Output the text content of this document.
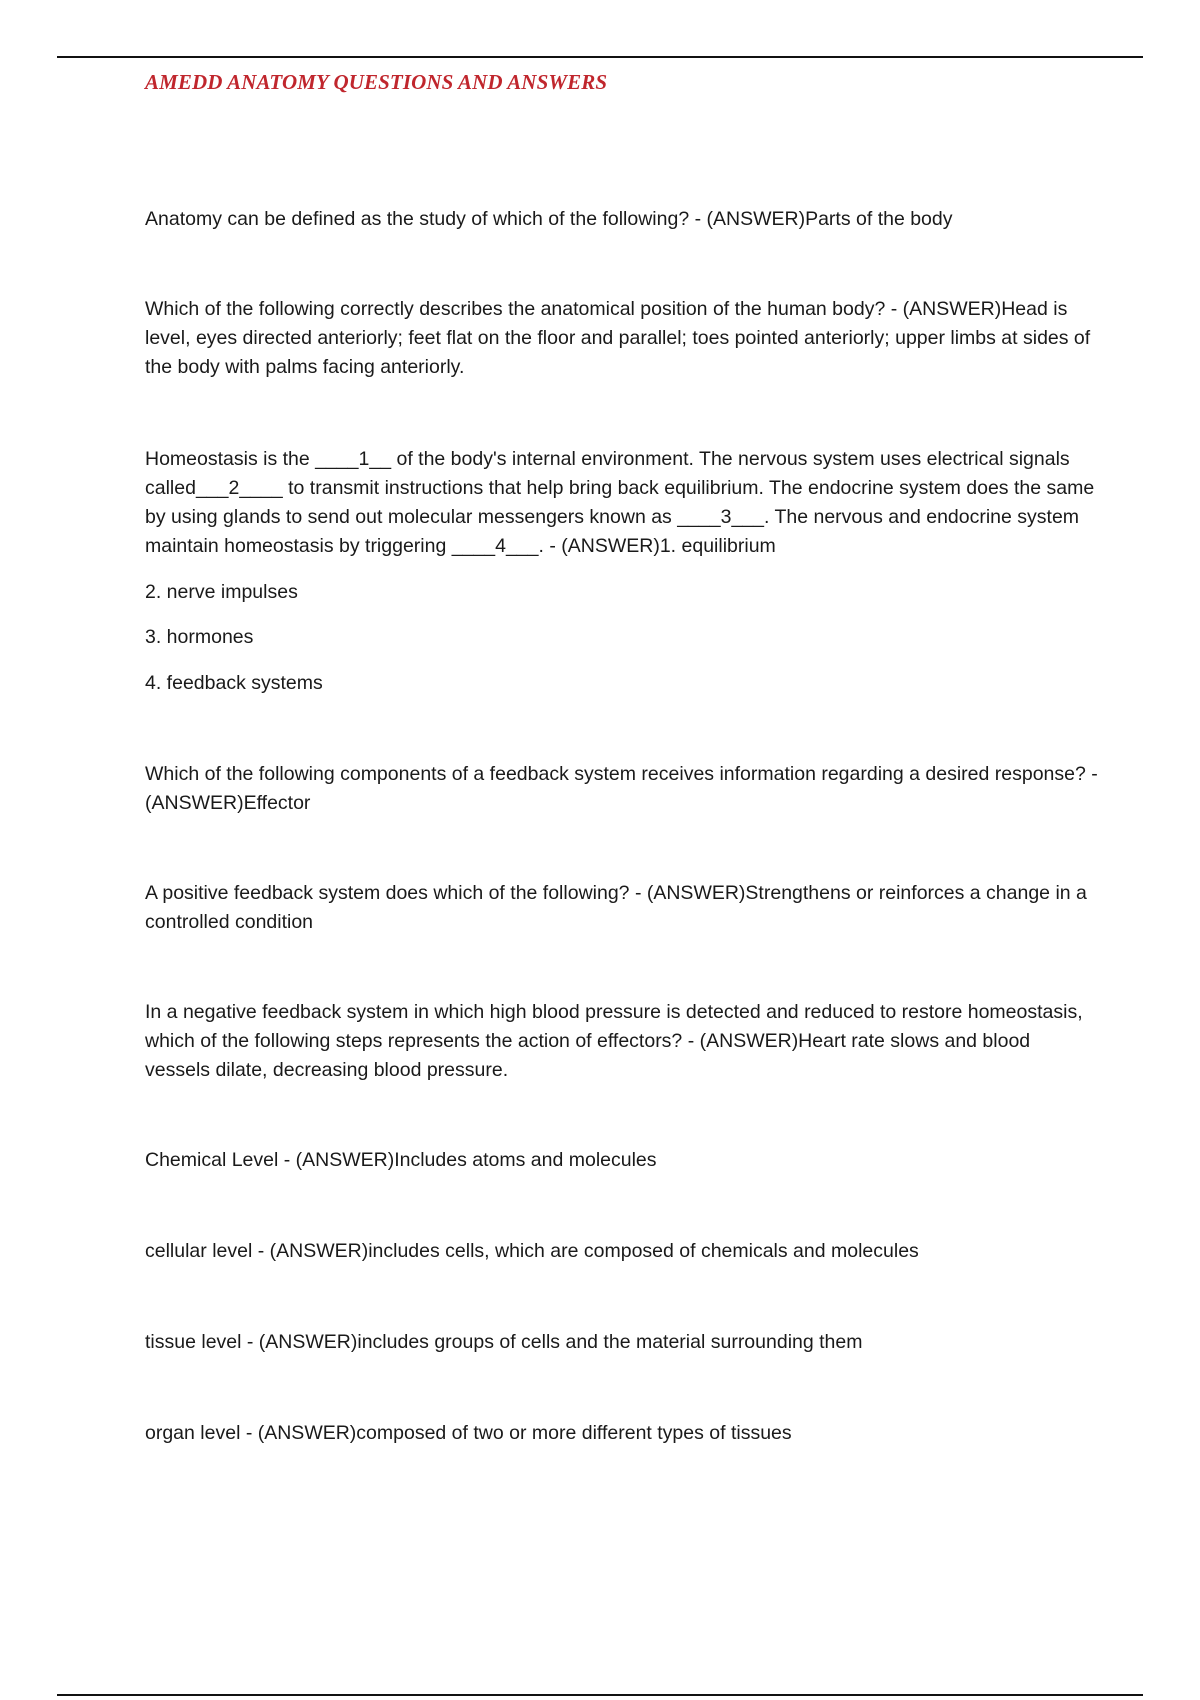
AMEDD ANATOMY QUESTIONS AND ANSWERS

Anatomy can be defined as the study of which of the following? - (ANSWER)Parts of the body

Which of the following correctly describes the anatomical position of the human body? - (ANSWER)Head is level, eyes directed anteriorly; feet flat on the floor and parallel; toes pointed anteriorly; upper limbs at sides of the body with palms facing anteriorly.

Homeostasis is the ____1__ of the body's internal environment. The nervous system uses electrical signals called___2____ to transmit instructions that help bring back equilibrium. The endocrine system does the same by using glands to send out molecular messengers known as ____3___. The nervous and endocrine system maintain homeostasis by triggering ____4___. - (ANSWER)1. equilibrium

2. nerve impulses

3. hormones

4. feedback systems

Which of the following components of a feedback system receives information regarding a desired response? - (ANSWER)Effector

A positive feedback system does which of the following? - (ANSWER)Strengthens or reinforces a change in a controlled condition

In a negative feedback system in which high blood pressure is detected and reduced to restore homeostasis, which of the following steps represents the action of effectors? - (ANSWER)Heart rate slows and blood vessels dilate, decreasing blood pressure.

Chemical Level - (ANSWER)Includes atoms and molecules

cellular level - (ANSWER)includes cells, which are composed of chemicals and molecules

tissue level - (ANSWER)includes groups of cells and the material surrounding them

organ level - (ANSWER)composed of two or more different types of tissues
